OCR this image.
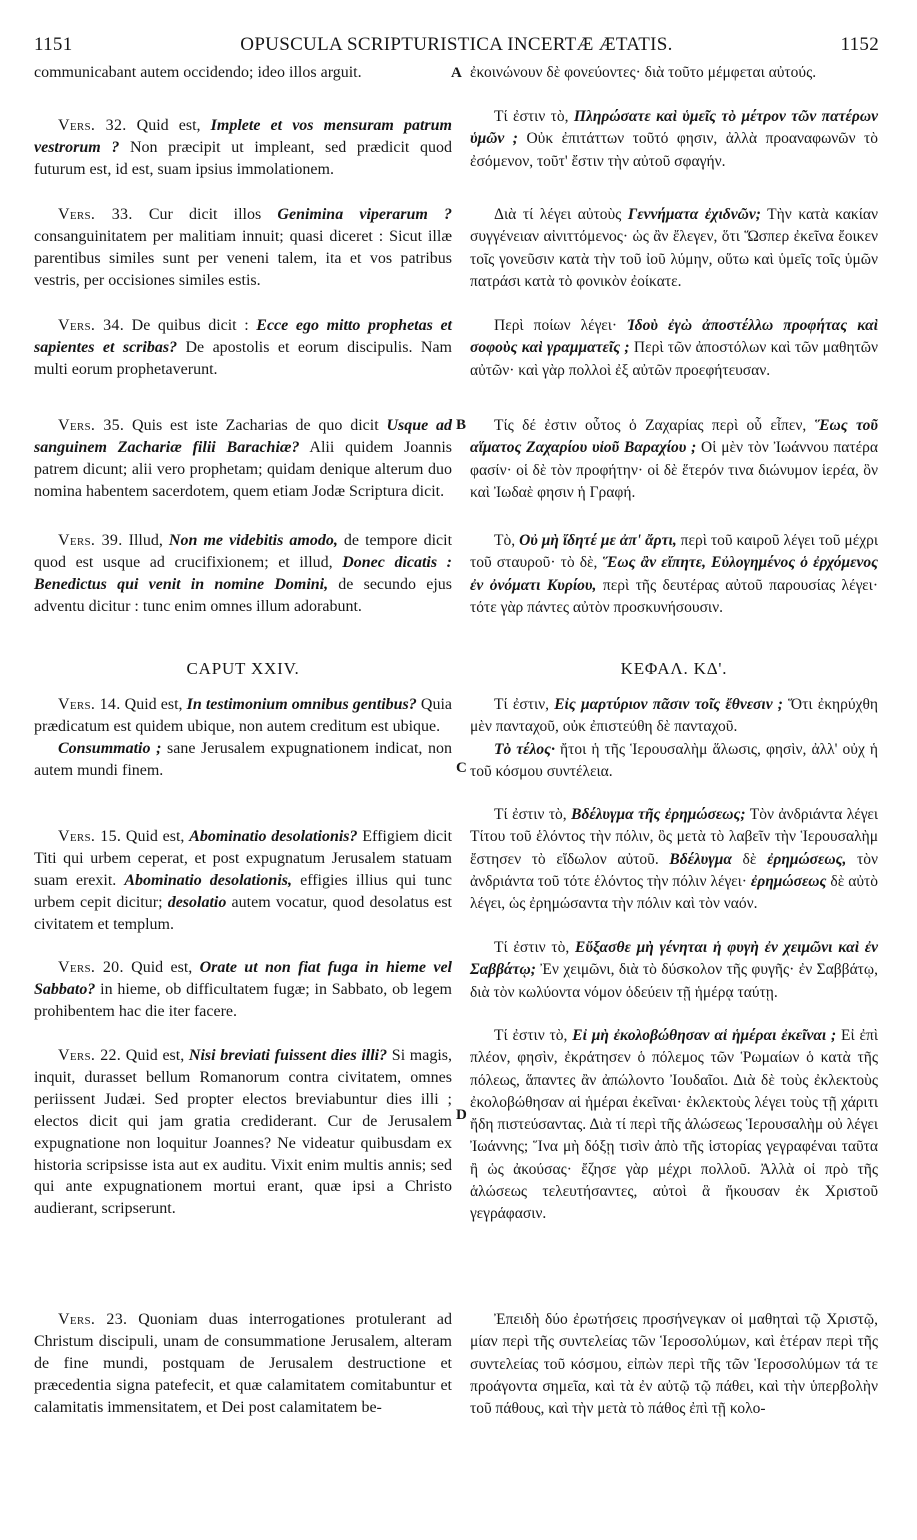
1151	OPUSCULA SCRIPTURISTICA INCERTÆ ÆTATIS.	1152
A
B
C
D

communicabant autem occidendo; ideo illos arguit.

Vers. 32. Quid est, Implete et vos mensuram patrum vestrorum ? Non præcipit ut impleant, sed prædicit quod futurum est, id est, suam ipsius immolationem.

Vers. 33. Cur dicit illos Genimina viperarum ? consanguinitatem per malitiam innuit; quasi diceret : Sicut illæ parentibus similes sunt per veneni talem, ita et vos patribus vestris, per occisiones similes estis.

Vers. 34. De quibus dicit : Ecce ego mitto prophetas et sapientes et scribas? De apostolis et eorum discipulis. Nam multi eorum prophetaverunt.

Vers. 35. Quis est iste Zacharias de quo dicit Usque ad sanguinem Zachariæ filii Barachiæ? Alii quidem Joannis patrem dicunt; alii vero prophetam; quidam denique alterum duo nomina habentem sacerdotem, quem etiam Jodæ Scriptura dicit.

Vers. 39. Illud, Non me videbitis amodo, de tempore dicit quod est usque ad crucifixionem; et illud, Donec dicatis : Benedictus qui venit in nomine Domini, de secundo ejus adventu dicitur : tunc enim omnes illum adorabunt.

CAPUT XXIV.

Vers. 14. Quid est, In testimonium omnibus gentibus? Quia prædicatum est quidem ubique, non autem creditum est ubique.

Consummatio ; sane Jerusalem expugnationem indicat, non autem mundi finem.

Vers. 15. Quid est, Abominatio desolationis? Effigiem dicit Titi qui urbem ceperat, et post expugnatum Jerusalem statuam suam erexit. Abominatio desolationis, effigies illius qui tunc urbem cepit dicitur; desolatio autem vocatur, quod desolatus est civitatem et templum.

Vers. 20. Quid est, Orate ut non fiat fuga in hieme vel Sabbato? in hieme, ob difficultatem fugæ; in Sabbato, ob legem prohibentem hac die iter facere.

Vers. 22. Quid est, Nisi breviati fuissent dies illi? Si magis, inquit, durasset bellum Romanorum contra civitatem, omnes periissent Judæi. Sed propter electos breviabuntur dies illi ; electos dicit qui jam gratia crediderant. Cur de Jerusalem expugnatione non loquitur Joannes? Ne videatur quibusdam ex historia scripsisse ista aut ex auditu. Vixit enim multis annis; sed qui ante expugnationem mortui erant, quæ ipsi a Christo audierant, scripserunt.

Vers. 23. Quoniam duas interrogationes protulerant ad Christum discipuli, unam de consummatione Jerusalem, alteram de fine mundi, postquam de Jerusalem destructione et præcedentia signa patefecit, et quæ calamitatem comitabuntur et calamitatis immensitatem, et Dei post calamitatem be-

ἐκοινώνουν δὲ φονεύοντες· διὰ τοῦτο μέμφεται αὐτούς.

Τί ἐστιν τὸ, Πληρώσατε καὶ ὑμεῖς τὸ μέτρον τῶν πατέρων ὑμῶν ; Οὐκ ἐπιτάττων τοῦτό φησιν, ἀλλὰ προαναφωνῶν τὸ ἐσόμενον, τοῦτ' ἔστιν τὴν αὐτοῦ σφαγήν.

Διὰ τί λέγει αὐτοὺς Γεννήματα ἐχιδνῶν; Τὴν κατὰ κακίαν συγγένειαν αἰνιττόμενος· ὡς ἂν ἔλεγεν, ὅτι Ὥσπερ ἐκεῖνα ἔοικεν τοῖς γονεῦσιν κατὰ τὴν τοῦ ἰοῦ λύμην, οὕτω καὶ ὑμεῖς τοῖς ὑμῶν πατράσι κατὰ τὸ φονικὸν ἐοίκατε.

Περὶ ποίων λέγει· Ἰδοὺ ἐγὼ ἀποστέλλω προφήτας καὶ σοφοὺς καὶ γραμματεῖς ; Περὶ τῶν ἀποστόλων καὶ τῶν μαθητῶν αὐτῶν· καὶ γὰρ πολλοὶ ἐξ αὐτῶν προεφήτευσαν.

Τίς δέ ἐστιν οὗτος ὁ Ζαχαρίας περὶ οὗ εἶπεν, Ἕως τοῦ αἵματος Ζαχαρίου υἱοῦ Βαραχίου ; Οἱ μὲν τὸν Ἰωάννου πατέρα φασίν· οἱ δὲ τὸν προφήτην· οἱ δὲ ἕτερόν τινα διώνυμον ἱερέα, ὃν καὶ Ἰωδαὲ φησιν ἡ Γραφή.

Τὸ, Οὐ μὴ ἴδητέ με ἀπ' ἄρτι, περὶ τοῦ καιροῦ λέγει τοῦ μέχρι τοῦ σταυροῦ· τὸ δὲ, Ἕως ἂν εἴπητε, Εὐλογημένος ὁ ἐρχόμενος ἐν ὀνόματι Κυρίου, περὶ τῆς δευτέρας αὐτοῦ παρουσίας λέγει· τότε γὰρ πάντες αὐτὸν προσκυνήσουσιν.

ΚΕΦΑΛ. ΚΔ'.

Τί ἐστιν, Εἰς μαρτύριον πᾶσιν τοῖς ἔθνεσιν ; Ὅτι ἐκηρύχθη μὲν πανταχοῦ, οὐκ ἐπιστεύθη δὲ πανταχοῦ.

Τὸ τέλος· ἤτοι ἡ τῆς Ἱερουσαλὴμ ἅλωσις, φησὶν, ἀλλ' οὐχ ἡ τοῦ κόσμου συντέλεια.

Τί ἐστιν τὸ, Βδέλυγμα τῆς ἐρημώσεως; Τὸν ἀνδριάντα λέγει Τίτου τοῦ ἑλόντος τὴν πόλιν, ὃς μετὰ τὸ λαβεῖν τὴν Ἱερουσαλὴμ ἔστησεν τὸ εἴδωλον αὐτοῦ. Βδέλυγμα δὲ ἐρημώσεως, τὸν ἀνδριάντα τοῦ τότε ἑλόντος τὴν πόλιν λέγει· ἐρημώσεως δὲ αὐτὸ λέγει, ὡς ἐρημώσαντα τὴν πόλιν καὶ τὸν ναόν.

Τί ἐστιν τὸ, Εὔξασθε μὴ γένηται ἡ φυγὴ ἐν χειμῶνι καὶ ἐν Σαββάτῳ; Ἐν χειμῶνι, διὰ τὸ δύσκολον τῆς φυγῆς· ἐν Σαββάτῳ, διὰ τὸν κωλύοντα νόμον ὁδεύειν τῇ ἡμέρᾳ ταύτῃ.

Τί ἐστιν τὸ, Εἰ μὴ ἐκολοβώθησαν αἱ ἡμέραι ἐκεῖναι ; Εἰ ἐπὶ πλέον, φησὶν, ἐκράτησεν ὁ πόλεμος τῶν Ῥωμαίων ὁ κατὰ τῆς πόλεως, ἅπαντες ἂν ἀπώλοντο Ἰουδαῖοι. Διὰ δὲ τοὺς ἐκλεκτοὺς ἐκολοβώθησαν αἱ ἡμέραι ἐκεῖναι· ἐκλεκτοὺς λέγει τοὺς τῇ χάριτι ἤδη πιστεύσαντας. Διὰ τί περὶ τῆς ἁλώσεως Ἱερουσαλὴμ οὐ λέγει Ἰωάννης; Ἵνα μὴ δόξῃ τισὶν ἀπὸ τῆς ἱστορίας γεγραφέναι ταῦτα ἢ ὡς ἀκούσας· ἔζησε γὰρ μέχρι πολλοῦ. Ἀλλὰ οἱ πρὸ τῆς ἁλώσεως τελευτήσαντες, αὐτοὶ ἃ ἤκουσαν ἐκ Χριστοῦ γεγράφασιν.

Ἐπειδὴ δύο ἐρωτήσεις προσήνεγκαν οἱ μαθηταὶ τῷ Χριστῷ, μίαν περὶ τῆς συντελείας τῶν Ἱεροσολύμων, καὶ ἑτέραν περὶ τῆς συντελείας τοῦ κόσμου, εἰπὼν περὶ τῆς τῶν Ἱεροσολύμων τά τε προάγοντα σημεῖα, καὶ τὰ ἐν αὐτῷ τῷ πάθει, καὶ τὴν ὑπερβολὴν τοῦ πάθους, καὶ τὴν μετὰ τὸ πάθος ἐπὶ τῇ κολο-
